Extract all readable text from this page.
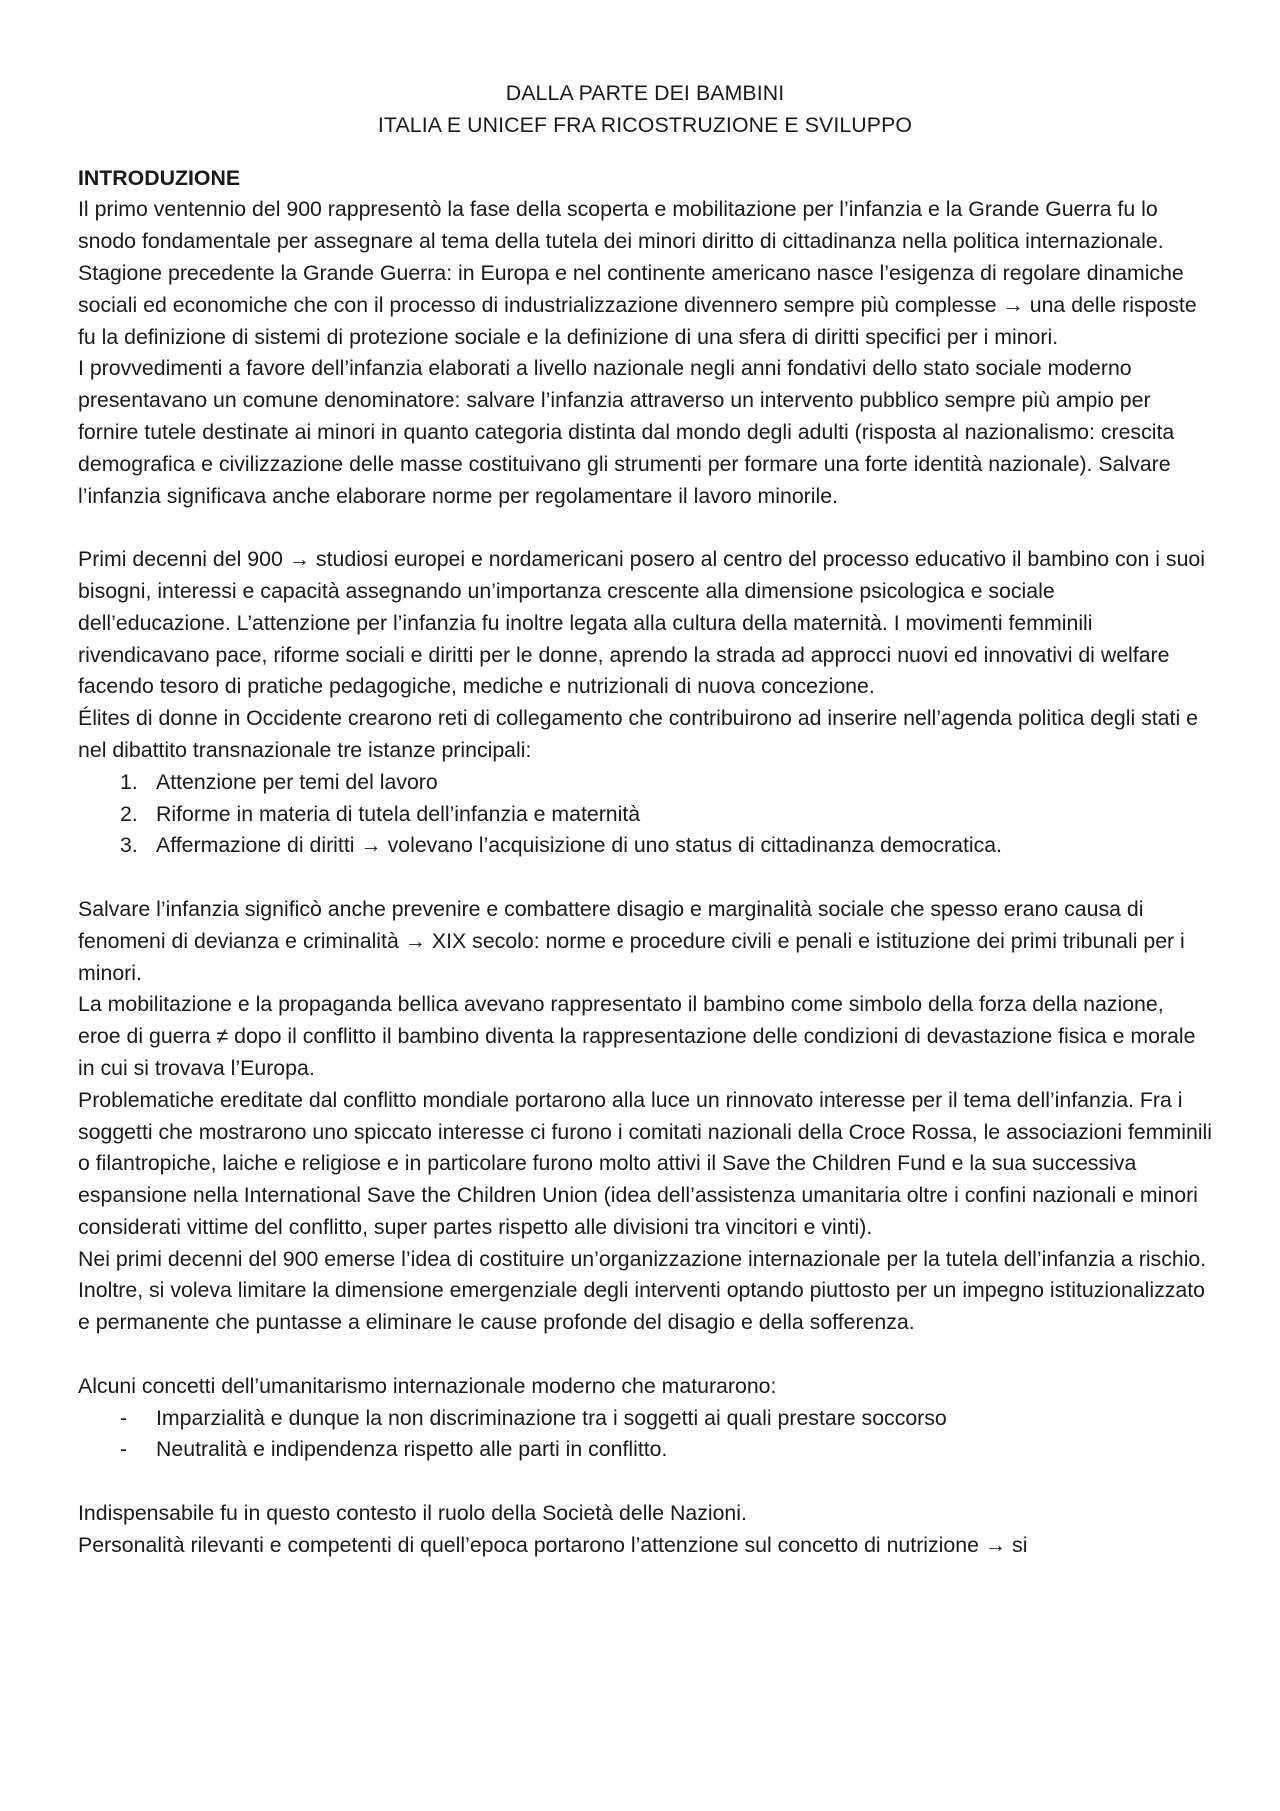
DALLA PARTE DEI BAMBINI
ITALIA E UNICEF FRA RICOSTRUZIONE E SVILUPPO
INTRODUZIONE

Il primo ventennio del 900 rappresentò la fase della scoperta e mobilitazione per l’infanzia e la Grande Guerra fu lo snodo fondamentale per assegnare al tema della tutela dei minori diritto di cittadinanza nella politica internazionale. Stagione precedente la Grande Guerra: in Europa e nel continente americano nasce l’esigenza di regolare dinamiche sociali ed economiche che con il processo di industrializzazione divennero sempre più complesse → una delle risposte fu la definizione di sistemi di protezione sociale e la definizione di una sfera di diritti specifici per i minori.

I provvedimenti a favore dell’infanzia elaborati a livello nazionale negli anni fondativi dello stato sociale moderno presentavano un comune denominatore: salvare l’infanzia attraverso un intervento pubblico sempre più ampio per fornire tutele destinate ai minori in quanto categoria distinta dal mondo degli adulti (risposta al nazionalismo: crescita demografica e civilizzazione delle masse costituivano gli strumenti per formare una forte identità nazionale). Salvare l’infanzia significava anche elaborare norme per regolamentare il lavoro minorile.

Primi decenni del 900 → studiosi europei e nordamericani posero al centro del processo educativo il bambino con i suoi bisogni, interessi e capacità assegnando un’importanza crescente alla dimensione psicologica e sociale dell’educazione. L’attenzione per l’infanzia fu inoltre legata alla cultura della maternità. I movimenti femminili rivendicavano pace, riforme sociali e diritti per le donne, aprendo la strada ad approcci nuovi ed innovativi di welfare facendo tesoro di pratiche pedagogiche, mediche e nutrizionali di nuova concezione.

Élites di donne in Occidente crearono reti di collegamento che contribuirono ad inserire nell’agenda politica degli stati e nel dibattito transnazionale tre istanze principali:

1. Attenzione per temi del lavoro
2. Riforme in materia di tutela dell’infanzia e maternità
3. Affermazione di diritti → volevano l’acquisizione di uno status di cittadinanza democratica.

Salvare l’infanzia significò anche prevenire e combattere disagio e marginalità sociale che spesso erano causa di fenomeni di devianza e criminalità → XIX secolo: norme e procedure civili e penali e istituzione dei primi tribunali per i minori.

La mobilitazione e la propaganda bellica avevano rappresentato il bambino come simbolo della forza della nazione, eroe di guerra ≠ dopo il conflitto il bambino diventa la rappresentazione delle condizioni di devastazione fisica e morale in cui si trovava l’Europa.

Problematiche ereditate dal conflitto mondiale portarono alla luce un rinnovato interesse per il tema dell’infanzia. Fra i soggetti che mostrarono uno spiccato interesse ci furono i comitati nazionali della Croce Rossa, le associazioni femminili o filantropiche, laiche e religiose e in particolare furono molto attivi il Save the Children Fund e la sua successiva espansione nella International Save the Children Union (idea dell’assistenza umanitaria oltre i confini nazionali e minori considerati vittime del conflitto, super partes rispetto alle divisioni tra vincitori e vinti).

Nei primi decenni del 900 emerse l’idea di costituire un’organizzazione internazionale per la tutela dell’infanzia a rischio. Inoltre, si voleva limitare la dimensione emergenziale degli interventi optando piuttosto per un impegno istituzionalizzato e permanente che puntasse a eliminare le cause profonde del disagio e della sofferenza.

Alcuni concetti dell’umanitarismo internazionale moderno che maturarono:

- Imparzialità e dunque la non discriminazione tra i soggetti ai quali prestare soccorso
- Neutralità e indipendenza rispetto alle parti in conflitto.

Indispensabile fu in questo contesto il ruolo della Società delle Nazioni.

Personalità rilevanti e competenti di quell’epoca portarono l’attenzione sul concetto di nutrizione → si
